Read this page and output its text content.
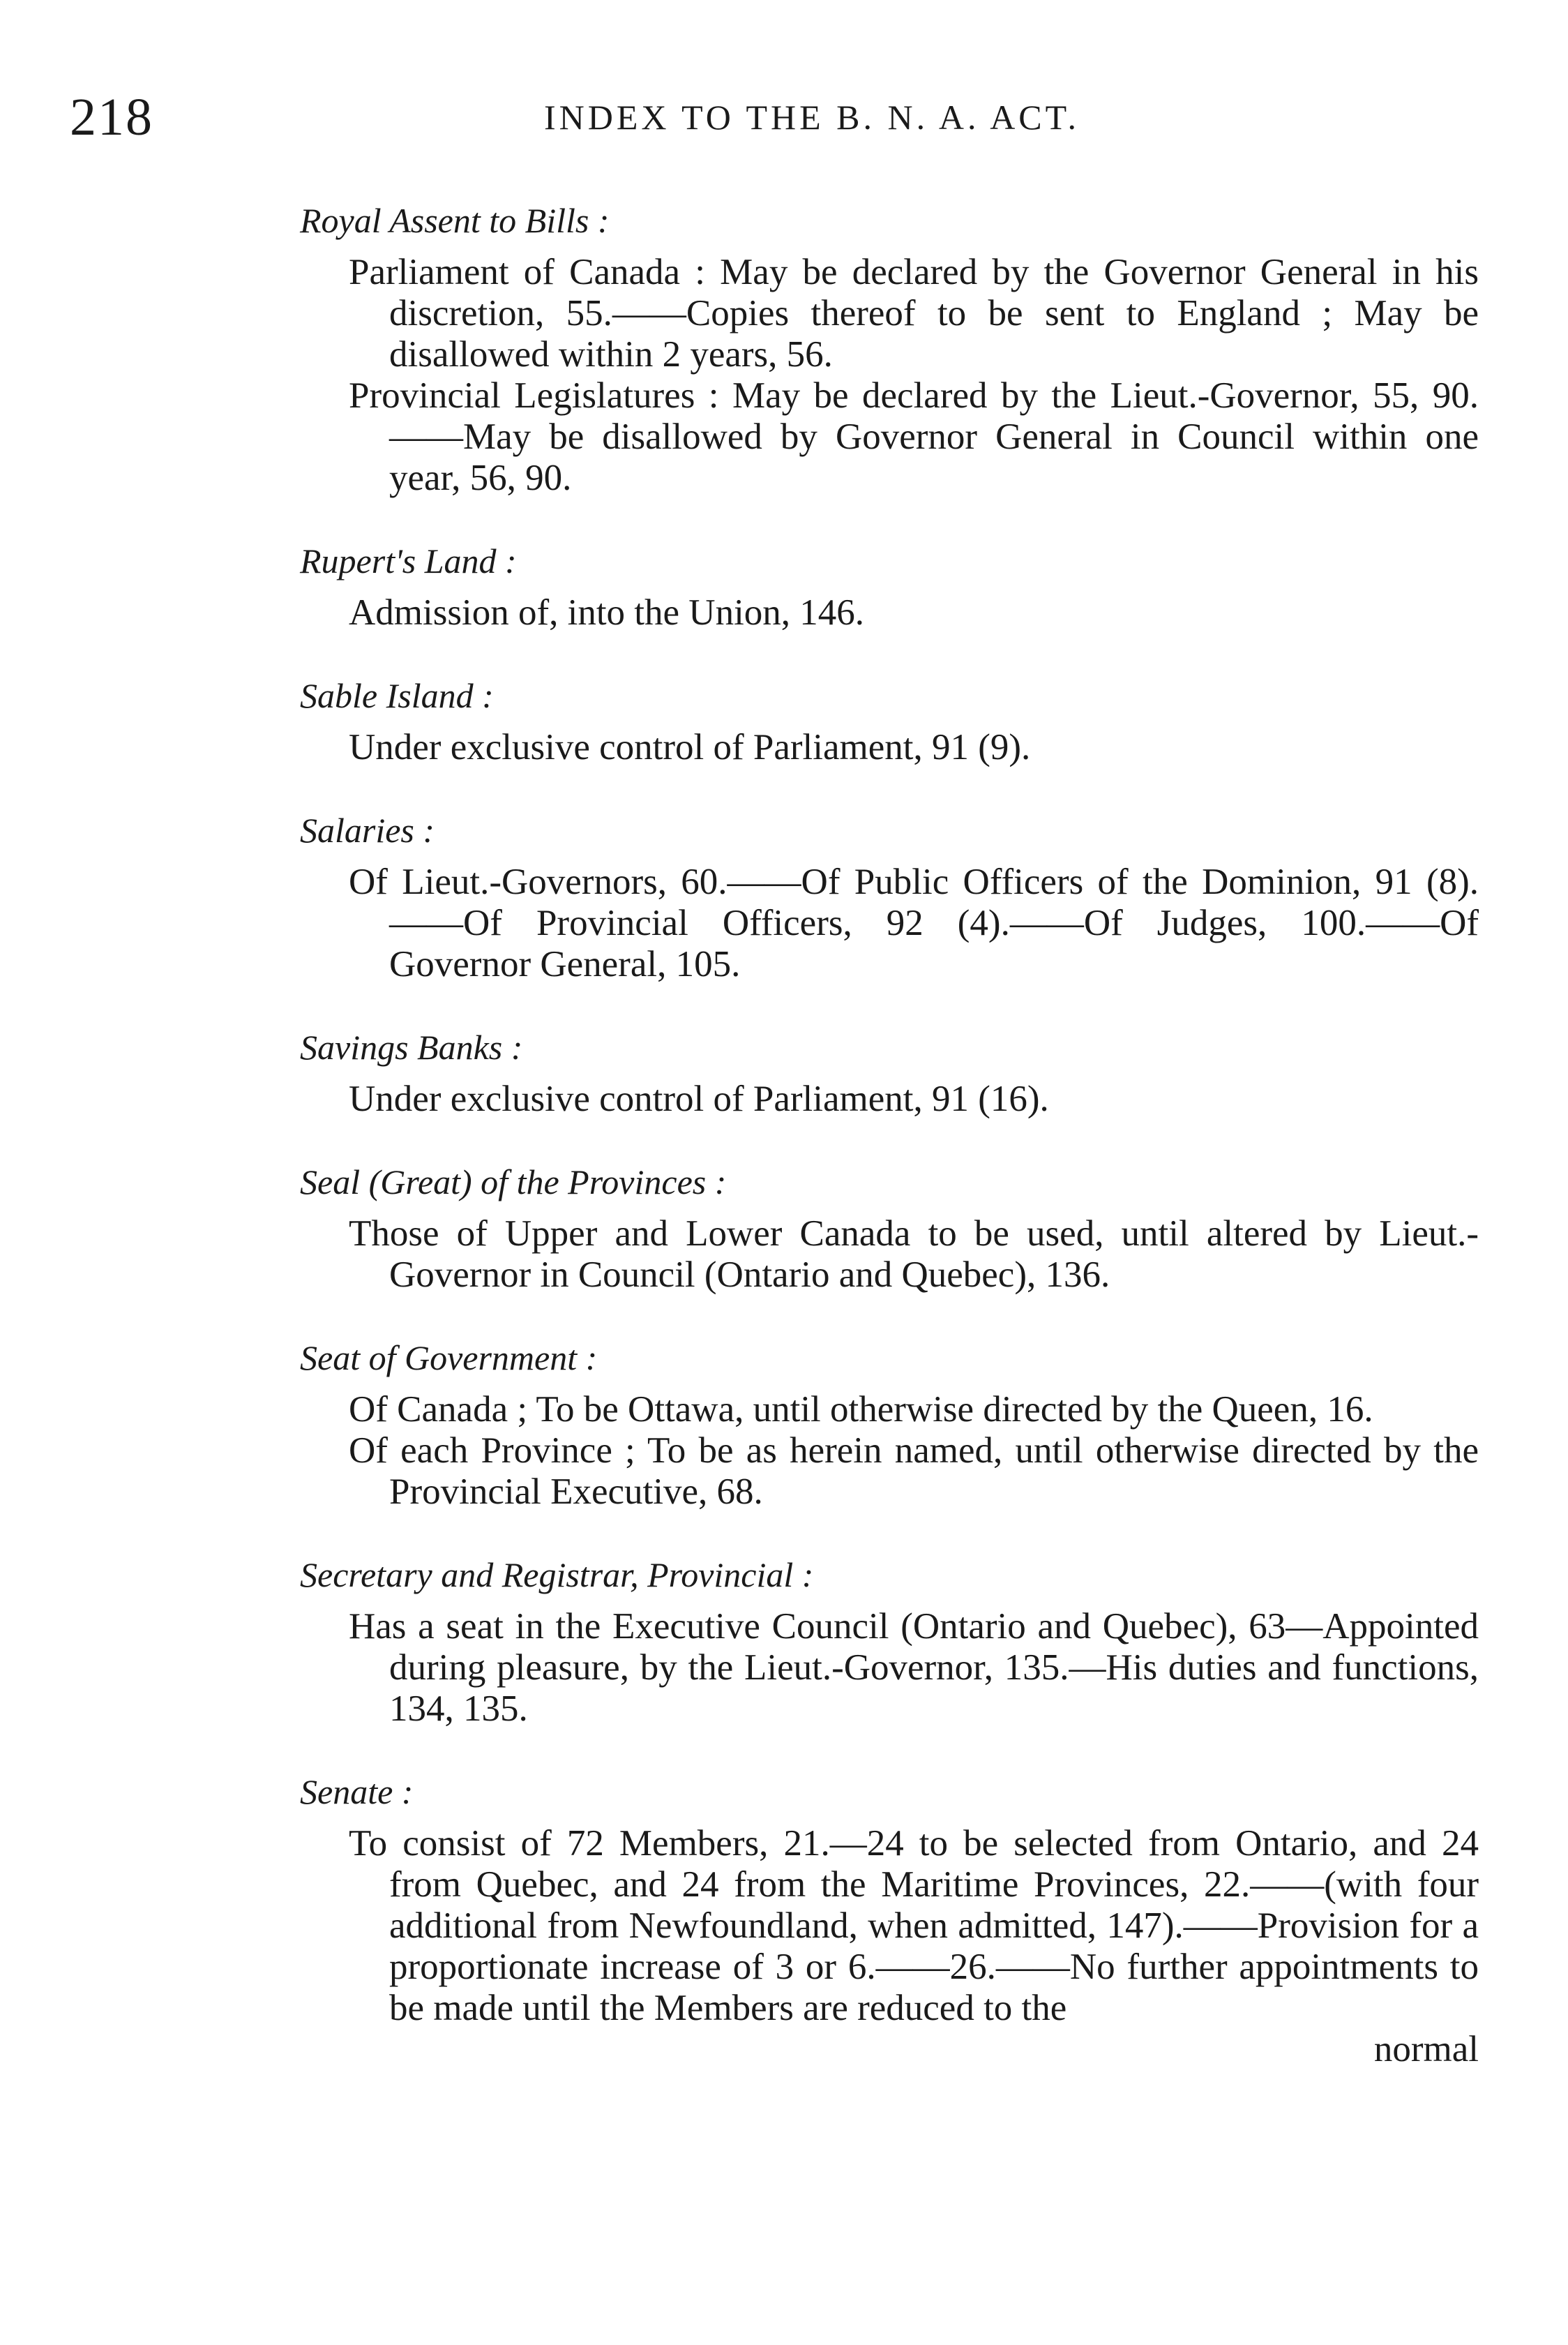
218	INDEX TO THE B. N. A. ACT.
Royal Assent to Bills :

Parliament of Canada : May be declared by the Governor General in his discretion, 55.——Copies thereof to be sent to England ; May be disallowed within 2 years, 56.

Provincial Legislatures : May be declared by the Lieut.-Governor, 55, 90.——May be disallowed by Governor General in Council within one year, 56, 90.

Rupert's Land :

Admission of, into the Union, 146.

Sable Island :

Under exclusive control of Parliament, 91 (9).

Salaries :

Of Lieut.-Governors, 60.——Of Public Officers of the Dominion, 91 (8).——Of Provincial Officers, 92 (4).——Of Judges, 100.——Of Governor General, 105.

Savings Banks :

Under exclusive control of Parliament, 91 (16).

Seal (Great) of the Provinces :

Those of Upper and Lower Canada to be used, until altered by Lieut.-Governor in Council (Ontario and Quebec), 136.

Seat of Government :

Of Canada ; To be Ottawa, until otherwise directed by the Queen, 16.

Of each Province ; To be as herein named, until otherwise directed by the Provincial Executive, 68.

Secretary and Registrar, Provincial :

Has a seat in the Executive Council (Ontario and Quebec), 63—Appointed during pleasure, by the Lieut.-Governor, 135.—His duties and functions, 134, 135.

Senate :

To consist of 72 Members, 21.—24 to be selected from Ontario, and 24 from Quebec, and 24 from the Maritime Provinces, 22.——(with four additional from Newfoundland, when admitted, 147).——Provision for a proportionate increase of 3 or 6.——26.——No further appointments to be made until the Members are reduced to the

normal
